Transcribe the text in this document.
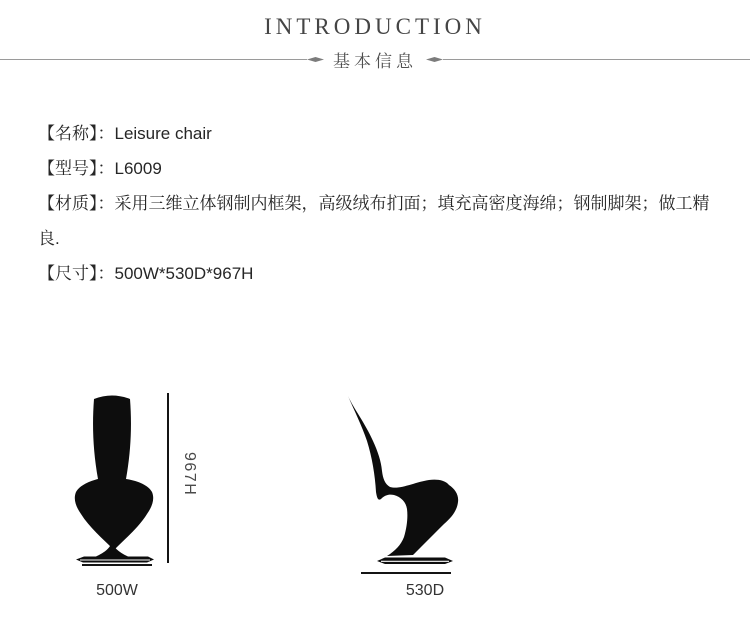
INTRODUCTION
基本信息
【名称】：Leisure chair
【型号】：L6009
【材质】：采用三维立体钢制内框架，高级绒布扪面；填充高密度海绵；钢制脚架；做工精良.
【尺寸】：500W*530D*967H
967H
500W	530D
